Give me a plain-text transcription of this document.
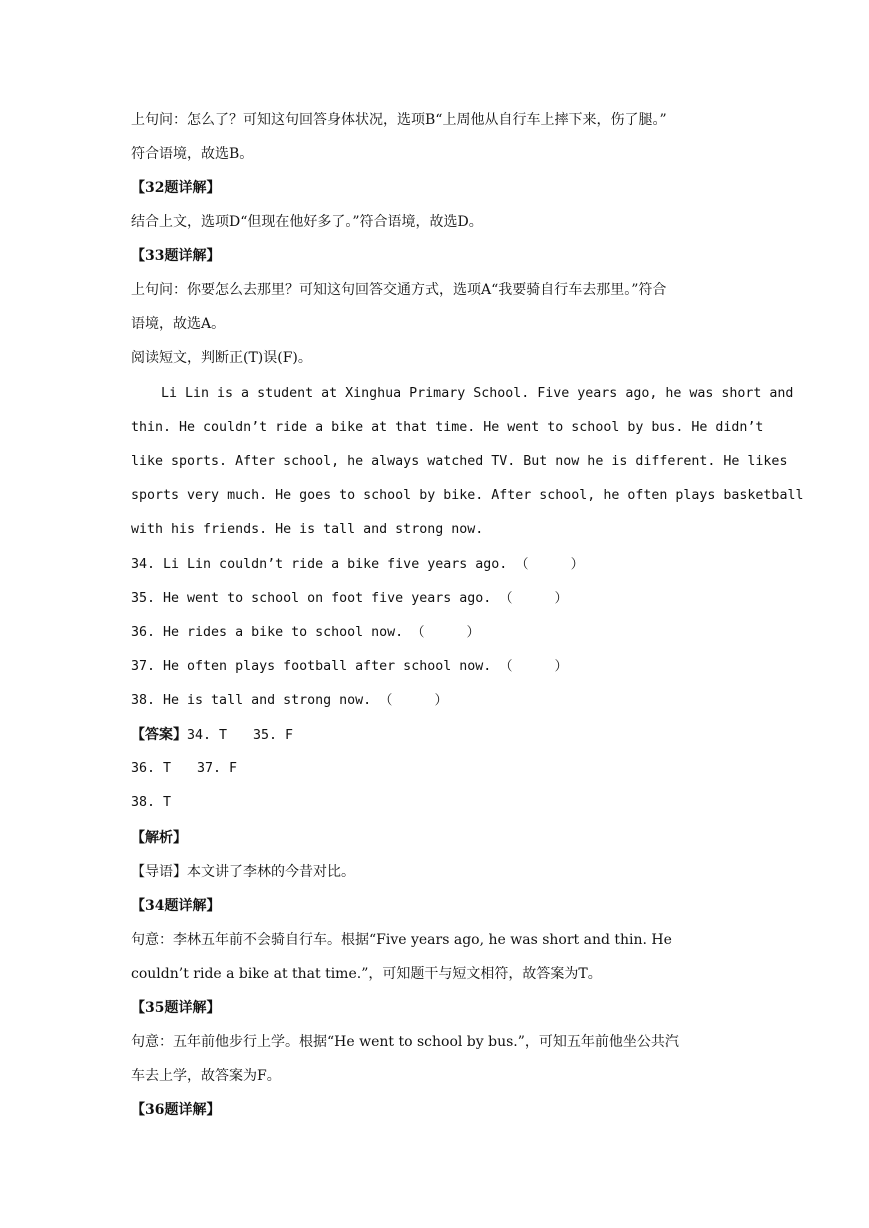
上句问：怎么了？可知这句回答身体状况，选项B“上周他从自行车上摔下来，伤了腿。”
符合语境，故选B。
【32题详解】
结合上文，选项D“但现在他好多了。”符合语境，故选D。
【33题详解】
上句问：你要怎么去那里？可知这句回答交通方式，选项A“我要骑自行车去那里。”符合
语境，故选A。
阅读短文，判断正(T)误(F)。
Li Lin is a student at Xinghua Primary School. Five years ago, he was short and
thin. He couldn’t ride a bike at that time. He went to school by bus. He didn’t
like sports. After school, he always watched TV. But now he is different. He likes
sports very much. He goes to school by bike. After school, he often plays basketball
with his friends. He is tall and strong now.
34. Li Lin couldn’t ride a bike five years ago. （	）
35. He went to school on foot five years ago. （	）
36. He rides a bike to school now. （	）
37. He often plays football after school now. （	）
38. He is tall and strong now. （	）
【答案】34. T 35. F
36. T 37. F
38. T
【解析】
【导语】本文讲了李林的今昔对比。
【34题详解】
句意：李林五年前不会骑自行车。根据“Five years ago, he was short and thin. He
couldn’t ride a bike at that time.”，可知题干与短文相符，故答案为T。
【35题详解】
句意：五年前他步行上学。根据“He went to school by bus.”，可知五年前他坐公共汽
车去上学，故答案为F。
【36题详解】
